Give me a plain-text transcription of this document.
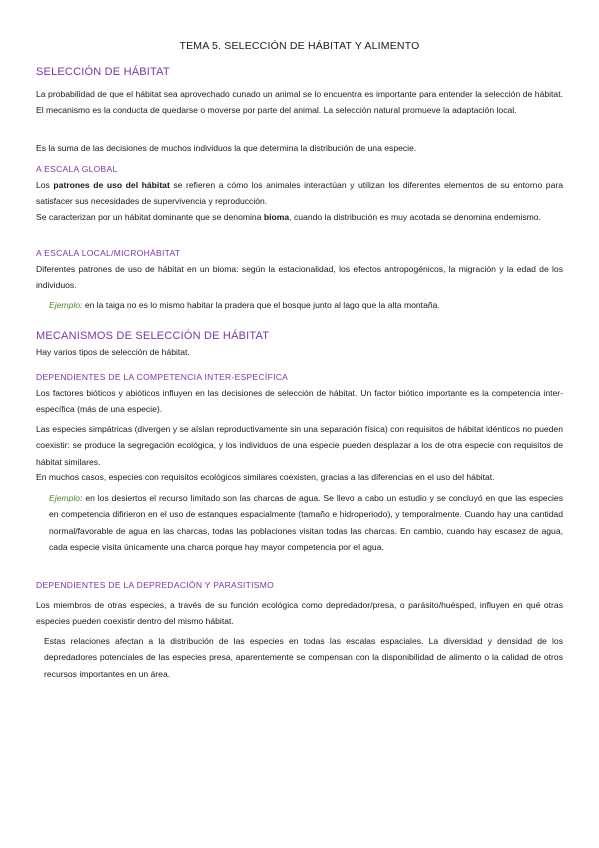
TEMA 5. SELECCIÓN DE HÁBITAT Y ALIMENTO
SELECCIÓN DE HÁBITAT
La probabilidad de que el hábitat sea aprovechado cunado un animal se lo encuentra es importante para entender la selección de hábitat. El mecanismo es la conducta de quedarse o moverse por parte del animal. La selección natural promueve la adaptación local.
Es la suma de las decisiones de muchos individuos la que determina la distribución de una especie.
A ESCALA GLOBAL
Los patrones de uso del hábitat se refieren a cómo los animales interactúan y utilizan los diferentes elementos de su entorno para satisfacer sus necesidades de supervivencia y reproducción.
Se caracterizan por un hábitat dominante que se denomina bioma, cuando la distribución es muy acotada se denomina endemismo.
A ESCALA LOCAL/MICROHÁBITAT
Diferentes patrones de uso de hábitat en un bioma: según la estacionalidad, los efectos antropogénicos, la migración y la edad de los individuos.
Ejemplo: en la taiga no es lo mismo habitar la pradera que el bosque junto al lago que la alta montaña.
MECANISMOS DE SELECCIÓN DE HÁBITAT
Hay varios tipos de selección de hábitat.
DEPENDIENTES DE LA COMPETENCIA INTER-ESPECÍFICA
Los factores bióticos y abióticos influyen en las decisiones de selección de hábitat. Un factor biótico importante es la competencia inter-específica (más de una especie).
Las especies simpátricas (divergen y se aíslan reproductivamente sin una separación física) con requisitos de hábitat idénticos no pueden coexistir: se produce la segregación ecológica, y los individuos de una especie pueden desplazar a los de otra especie con requisitos de hábitat similares.
En muchos casos, especies con requisitos ecológicos similares coexisten, gracias a las diferencias en el uso del hábitat.
Ejemplo: en los desiertos el recurso limitado son las charcas de agua. Se llevo a cabo un estudio y se concluyó en que las especies en competencia difirieron en el uso de estanques espacialmente (tamaño e hidroperiodo), y temporalmente. Cuando hay una cantidad normal/favorable de agua en las charcas, todas las poblaciones visitan todas las charcas. En cambio, cuando hay escasez de agua, cada especie visita únicamente una charca porque hay mayor competencia por el agua.
DEPENDIENTES DE LA DEPREDACIÓN Y PARASITISMO
Los miembros de otras especies, a través de su función ecológica como depredador/presa, o parásito/huésped, influyen en qué otras especies pueden coexistir dentro del mismo hábitat.
Estas relaciones afectan a la distribución de las especies en todas las escalas espaciales. La diversidad y densidad de los depredadores potenciales de las especies presa, aparentemente se compensan con la disponibilidad de alimento o la calidad de otros recursos importantes en un área.
